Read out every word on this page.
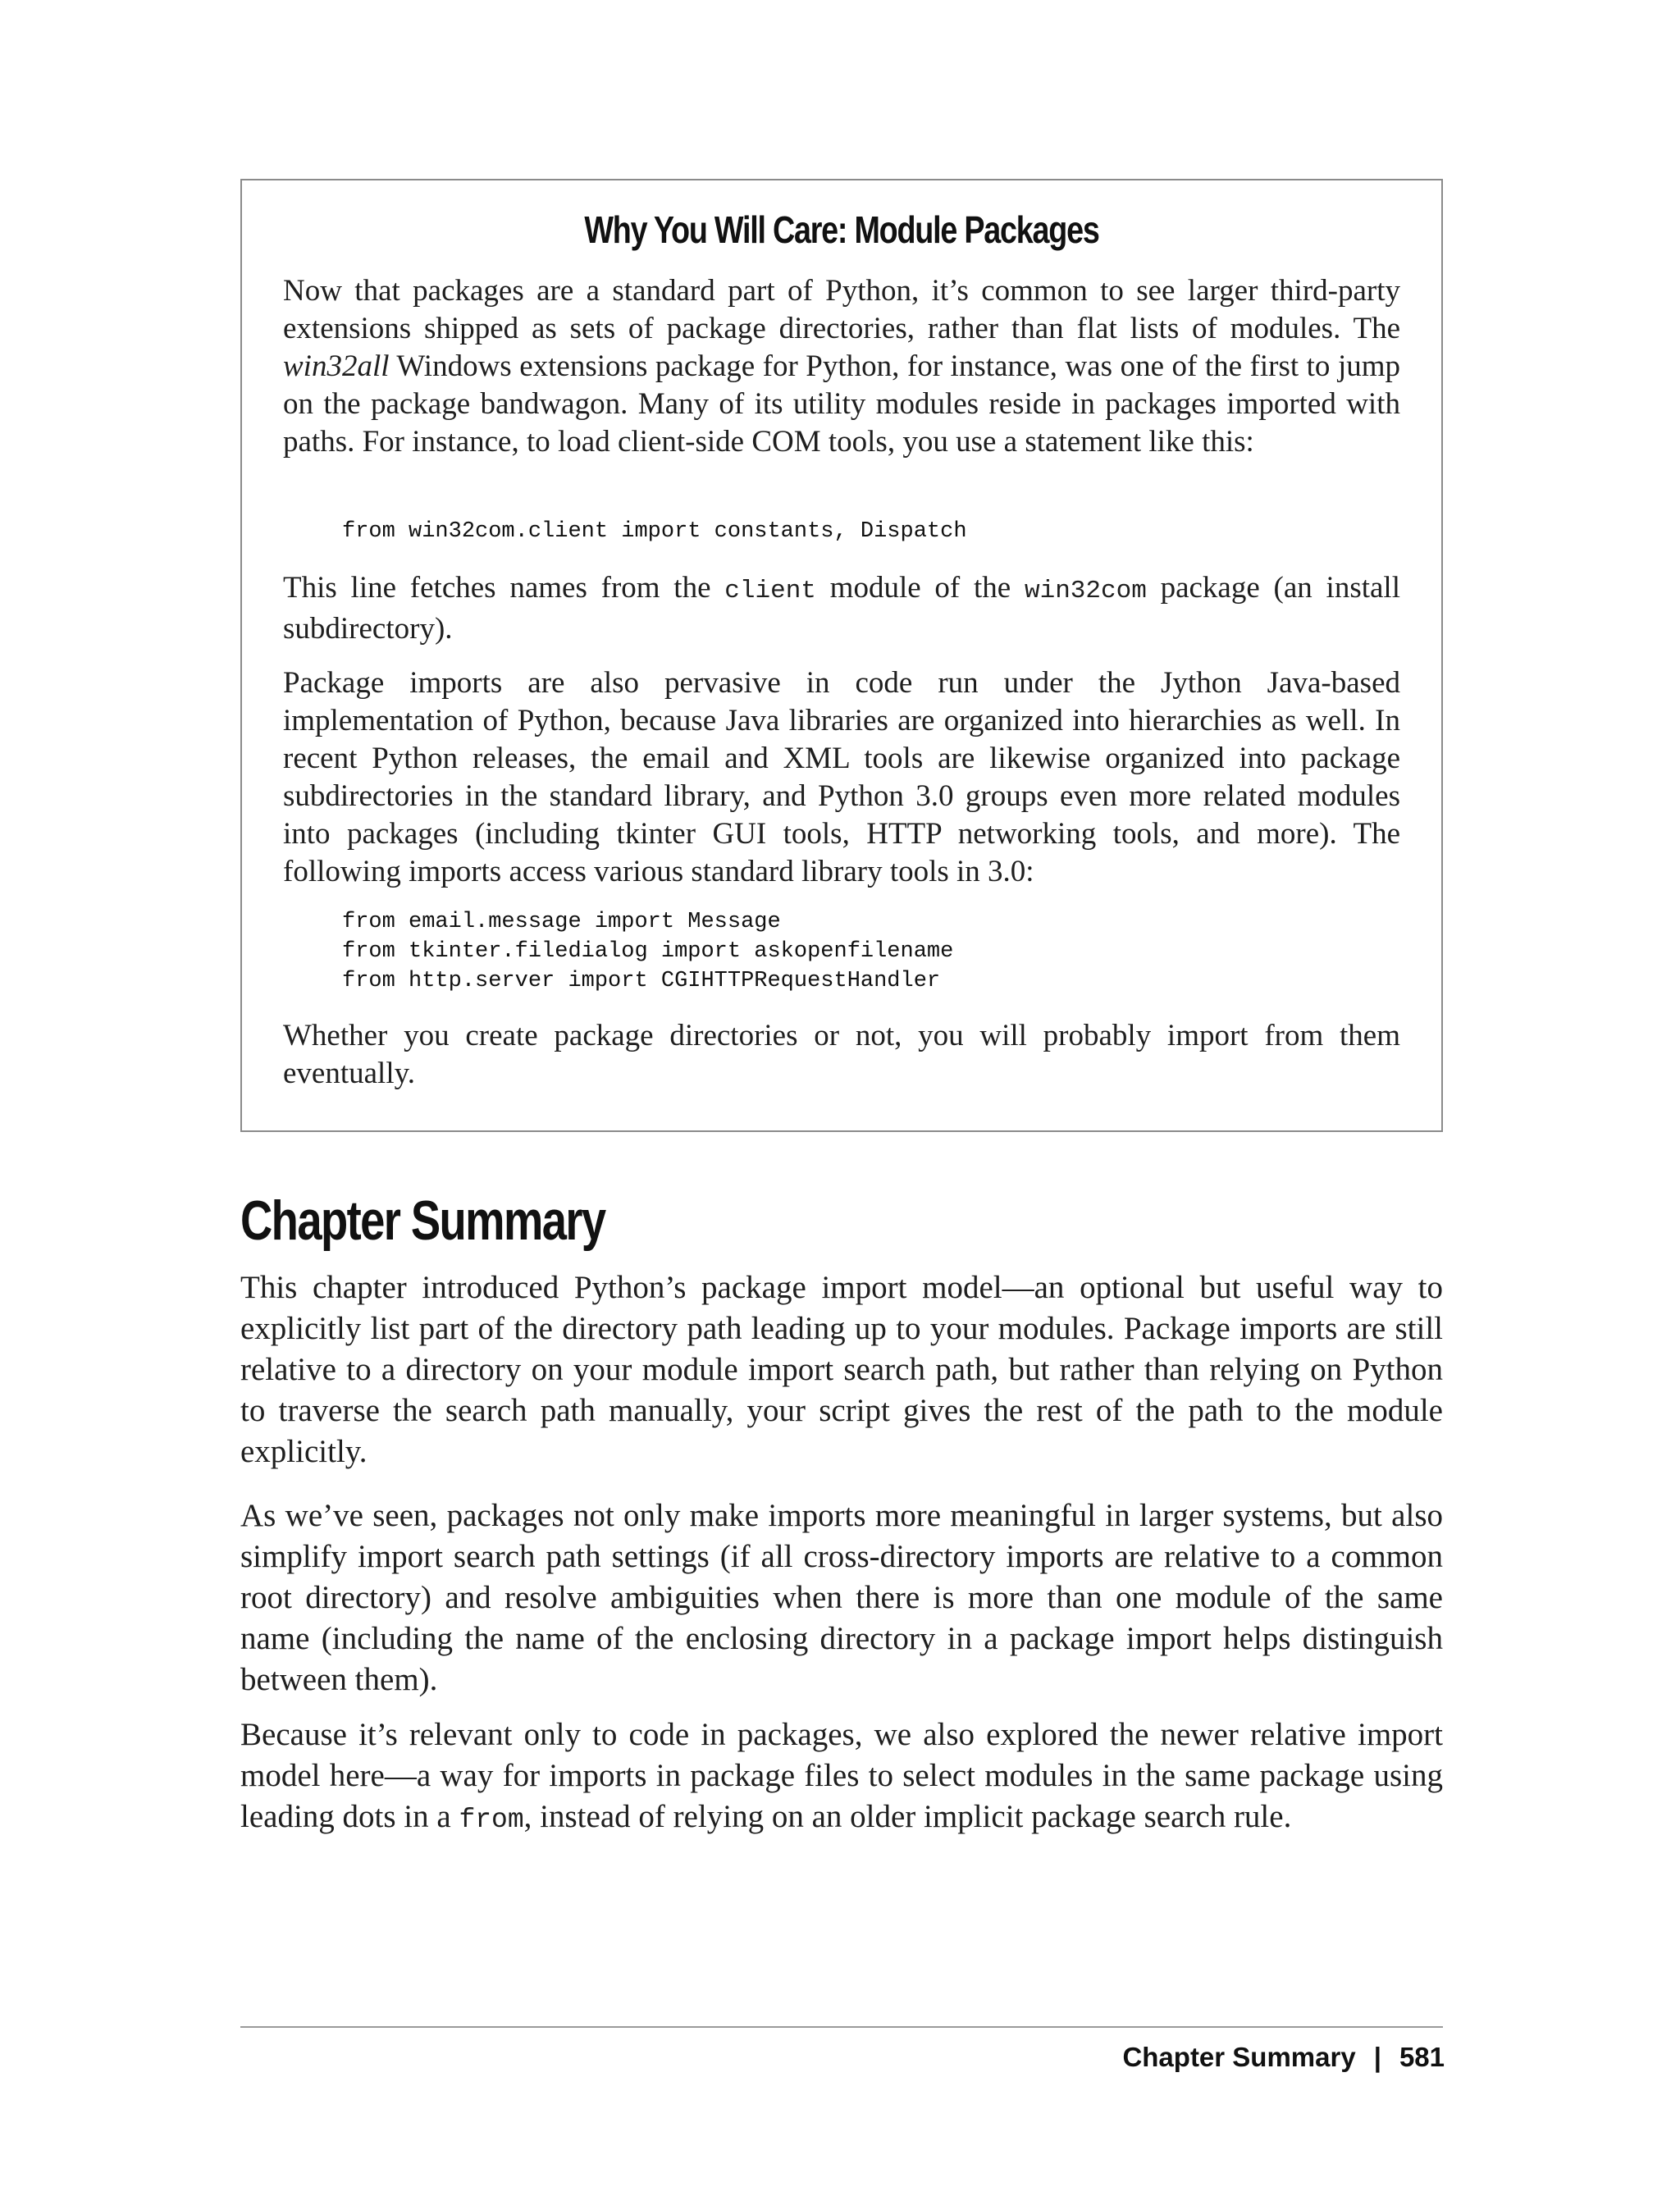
Why You Will Care: Module Packages

Now that packages are a standard part of Python, it’s common to see larger third-party extensions shipped as sets of package directories, rather than flat lists of modules. The win32all Windows extensions package for Python, for instance, was one of the first to jump on the package bandwagon. Many of its utility modules reside in packages imported with paths. For instance, to load client-side COM tools, you use a statement like this:

from win32com.client import constants, Dispatch

This line fetches names from the client module of the win32com package (an install subdirectory).

Package imports are also pervasive in code run under the Jython Java-based implementation of Python, because Java libraries are organized into hierarchies as well. In recent Python releases, the email and XML tools are likewise organized into package subdirectories in the standard library, and Python 3.0 groups even more related modules into packages (including tkinter GUI tools, HTTP networking tools, and more). The following imports access various standard library tools in 3.0:

from email.message import Message
from tkinter.filedialog import askopenfilename
from http.server import CGIHTTPRequestHandler

Whether you create package directories or not, you will probably import from them eventually.

Chapter Summary

This chapter introduced Python’s package import model—an optional but useful way to explicitly list part of the directory path leading up to your modules. Package imports are still relative to a directory on your module import search path, but rather than relying on Python to traverse the search path manually, your script gives the rest of the path to the module explicitly.

As we’ve seen, packages not only make imports more meaningful in larger systems, but also simplify import search path settings (if all cross-directory imports are relative to a common root directory) and resolve ambiguities when there is more than one module of the same name (including the name of the enclosing directory in a package import helps distinguish between them).

Because it’s relevant only to code in packages, we also explored the newer relative import model here—a way for imports in package files to select modules in the same package using leading dots in a from, instead of relying on an older implicit package search rule.

Chapter Summary | 581
